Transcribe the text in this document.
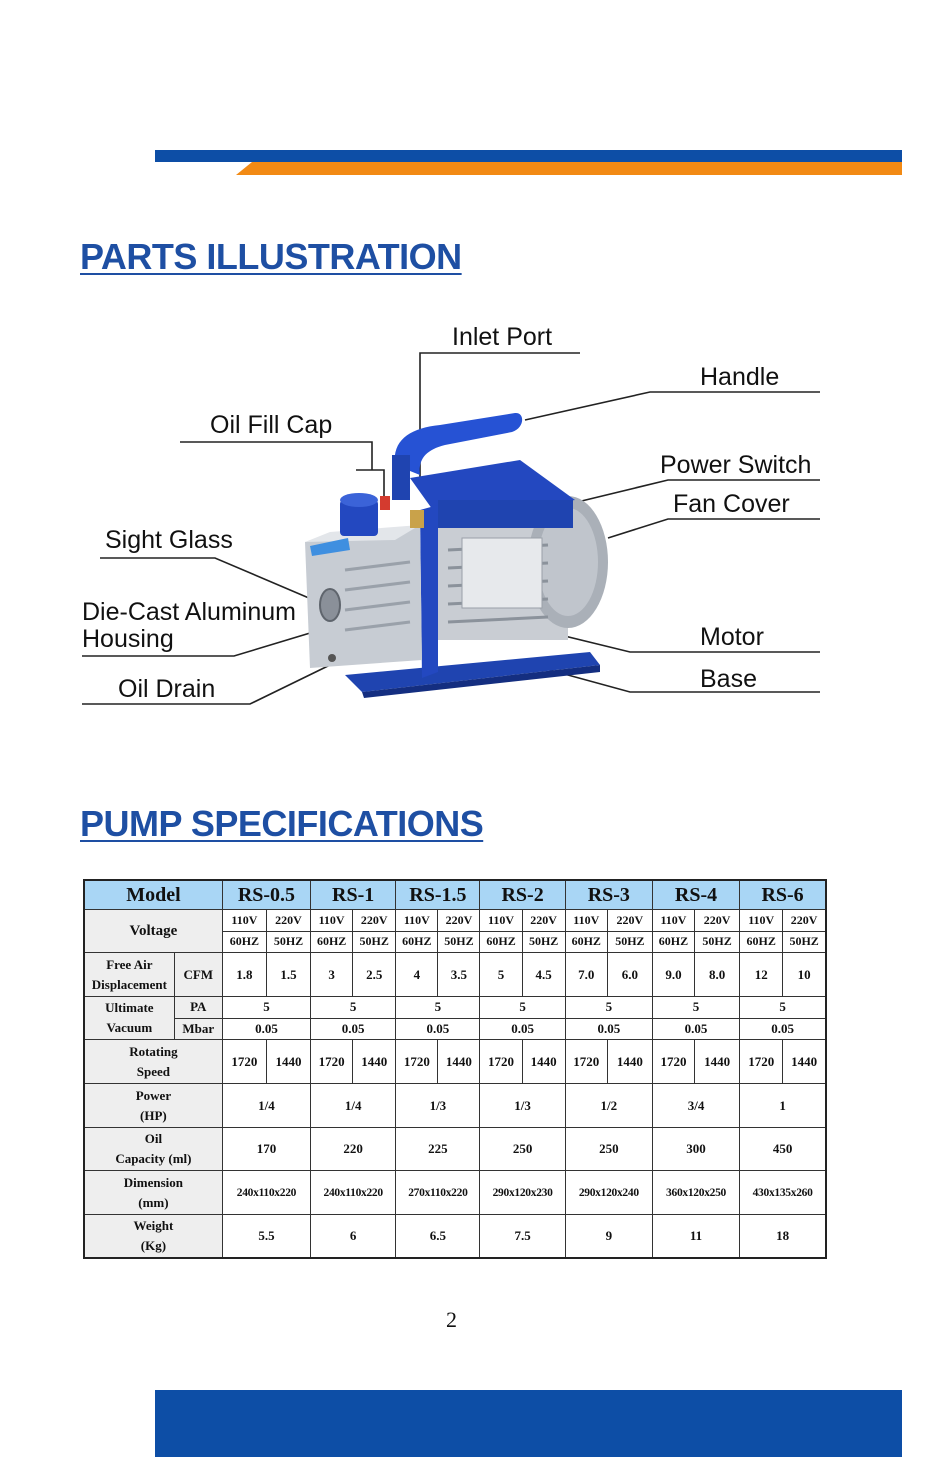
PARTS ILLUSTRATION
Inlet Port
Handle
Oil Fill Cap
Power Switch
Fan Cover
Sight Glass
Die-Cast Aluminum
Housing	Motor
Oil Drain	Base
PUMP SPECIFICATIONS
Model		RS-0.5		RS-1		RS-1.5		RS-2		RS-3		RS-4		RS-6	
Voltage		110V	220V	110V	220V	110V	220V	110V	220V	110V	220V	110V	220V	110V	220V
		60HZ	50HZ	60HZ	50HZ	60HZ	50HZ	60HZ	50HZ	60HZ	50HZ	60HZ	50HZ	60HZ	50HZ
Free Air
Displacement	CFM	1.8	1.5	3	2.5	4	3.5	5	4.5	7.0	6.0	9.0	8.0	12	10
Ultimate
Vacuum	PA	5		5		5		5		5		5		5	
	Mbar	0.05		0.05		0.05		0.05		0.05		0.05		0.05	
Rotating
Speed		1720	1440	1720	1440	1720	1440	1720	1440	1720	1440	1720	1440	1720	1440
Power
(HP)		1/4		1/4		1/3		1/3		1/2		3/4		1	
Oil
Capacity (ml)		170		220		225		250		250		300		450	
Dimension
(mm)		240x110x220		240x110x220		270x110x220		290x120x230		290x120x240		360x120x250		430x135x260	
Weight
(Kg)		5.5		6		6.5		7.5		9		11		18	
2
